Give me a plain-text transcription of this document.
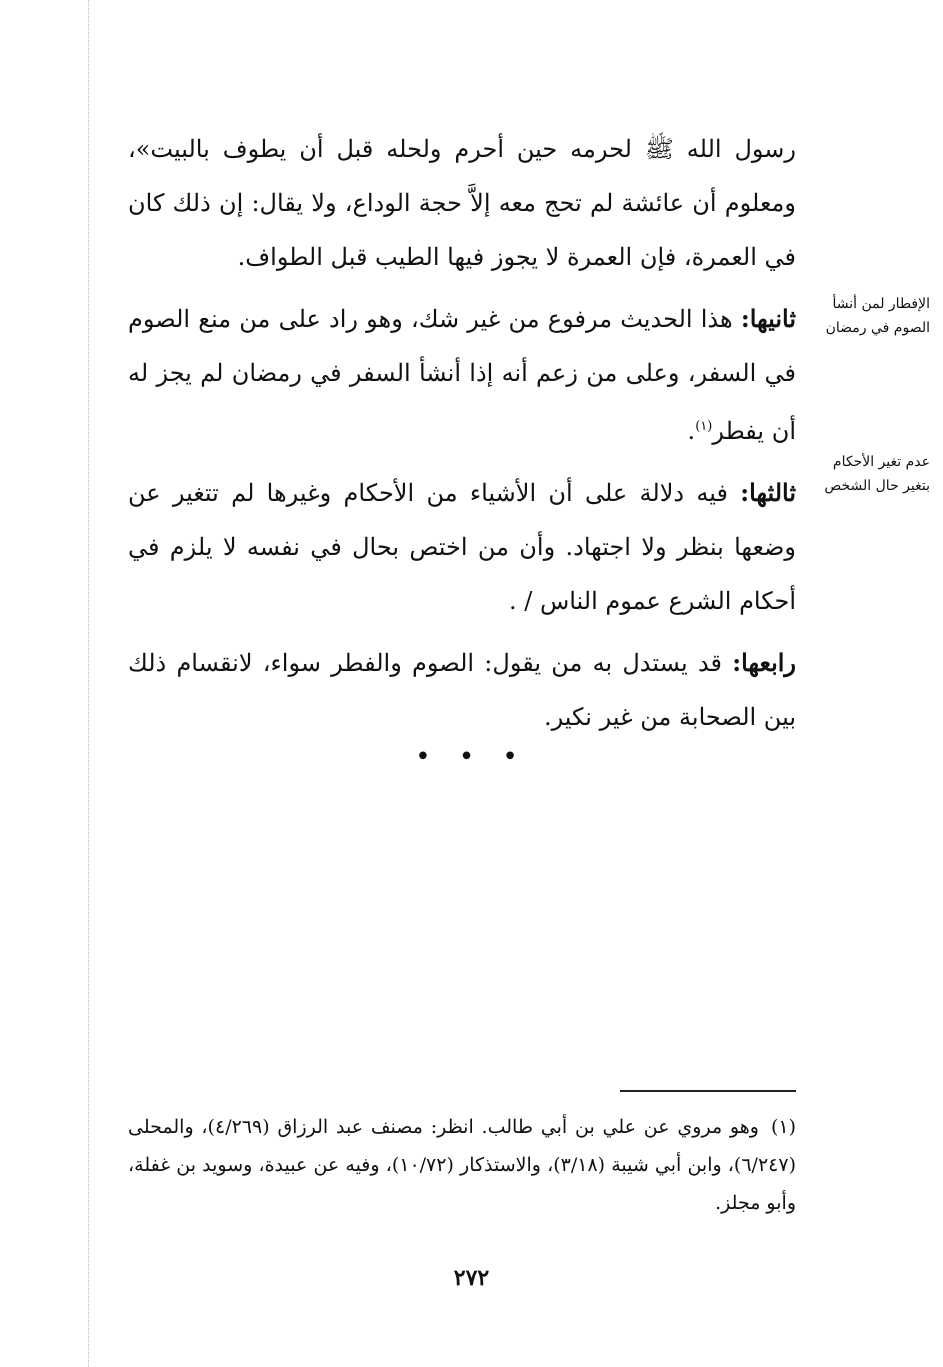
رسول الله ﷺ لحرمه حين أحرم ولحله قبل أن يطوف بالبيت»، ومعلوم أن عائشة لم تحج معه إلاَّ حجة الوداع، ولا يقال: إن ذلك كان في العمرة، فإن العمرة لا يجوز فيها الطيب قبل الطواف.

ثانيها: هذا الحديث مرفوع من غير شك، وهو راد على من منع الصوم في السفر، وعلى من زعم أنه إذا أنشأ السفر في رمضان لم يجز له أن يفطر$^{(١)}$.

ثالثها: فيه دلالة على أن الأشياء من الأحكام وغيرها لم تتغير عن وضعها بنظر ولا اجتهاد. وأن من اختص بحال في نفسه لا يلزم في أحكام الشرع عموم الناس / .

رابعها: قد يستدل به من يقول: الصوم والفطر سواء، لانقسام ذلك بين الصحابة من غير نكير.

الإفطار لمن أنشأ الصوم في رمضان
عدم تغير الأحكام بتغير حال الشخص
• • •
(١)وهو مروي عن علي بن أبي طالب. انظر: مصنف عبد الرزاق (٤/٢٦٩)، والمحلى (٦/٢٤٧)، وابن أبي شيبة (٣/١٨)، والاستذكار (١٠/٧٢)، وفيه عن عبيدة، وسويد بن غفلة، وأبو مجلز.
٢٧٢
